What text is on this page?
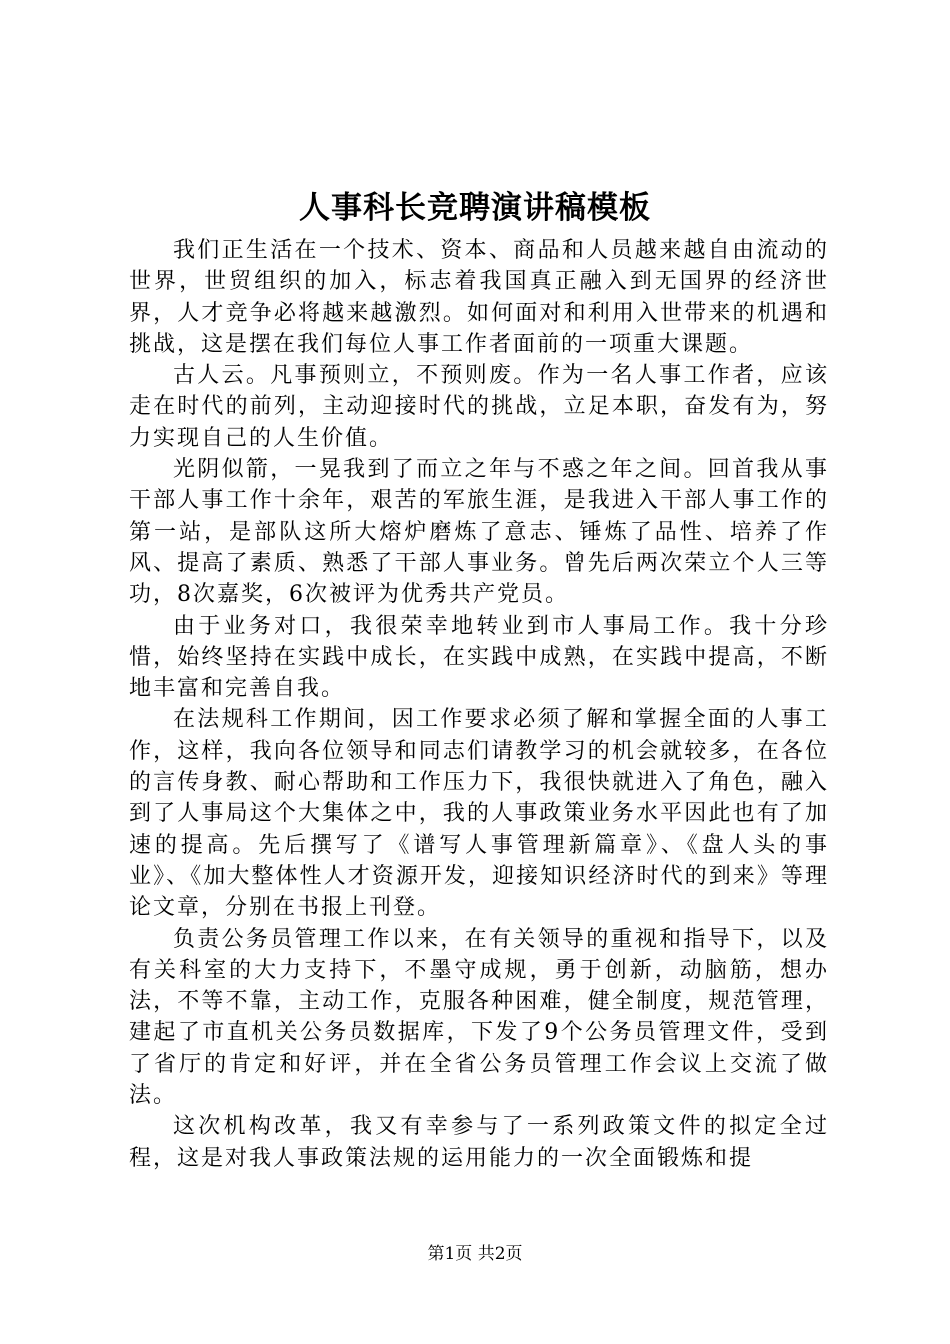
人事科长竞聘演讲稿模板

我们正生活在一个技术、资本、商品和人员越来越自由流动的世界，世贸组织的加入，标志着我国真正融入到无国界的经济世界，人才竞争必将越来越激烈。如何面对和利用入世带来的机遇和挑战，这是摆在我们每位人事工作者面前的一项重大课题。

古人云。凡事预则立，不预则废。作为一名人事工作者，应该走在时代的前列，主动迎接时代的挑战，立足本职，奋发有为，努力实现自己的人生价值。

光阴似箭，一晃我到了而立之年与不惑之年之间。回首我从事干部人事工作十余年，艰苦的军旅生涯，是我进入干部人事工作的第一站，是部队这所大熔炉磨炼了意志、锤炼了品性、培养了作风、提高了素质、熟悉了干部人事业务。曾先后两次荣立个人三等功，8次嘉奖，6次被评为优秀共产党员。

由于业务对口，我很荣幸地转业到市人事局工作。我十分珍惜，始终坚持在实践中成长，在实践中成熟，在实践中提高，不断地丰富和完善自我。

在法规科工作期间，因工作要求必须了解和掌握全面的人事工作，这样，我向各位领导和同志们请教学习的机会就较多，在各位的言传身教、耐心帮助和工作压力下，我很快就进入了角色，融入到了人事局这个大集体之中，我的人事政策业务水平因此也有了加速的提高。先后撰写了《谱写人事管理新篇章》、《盘人头的事业》、《加大整体性人才资源开发，迎接知识经济时代的到来》等理论文章，分别在书报上刊登。

负责公务员管理工作以来，在有关领导的重视和指导下，以及有关科室的大力支持下，不墨守成规，勇于创新，动脑筋，想办法，不等不靠，主动工作，克服各种困难，健全制度，规范管理，建起了市直机关公务员数据库，下发了9个公务员管理文件，受到了省厅的肯定和好评，并在全省公务员管理工作会议上交流了做法。

这次机构改革，我又有幸参与了一系列政策文件的拟定全过程，这是对我人事政策法规的运用能力的一次全面锻炼和提

第1页 共2页
